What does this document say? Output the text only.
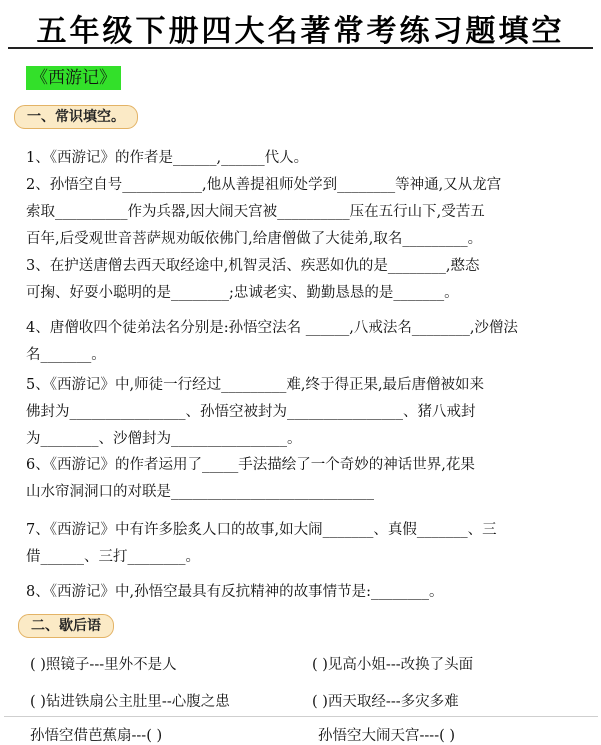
五年级下册四大名著常考练习题填空
《西游记》
一、常识填空。
1、《西游记》的作者是______,______代人。
2、孙悟空自号___________,他从善提祖师处学到________等神通,又从龙宫
索取__________作为兵器,因大闹天宫被__________压在五行山下,受苦五
百年,后受观世音菩萨规劝皈依佛门,给唐僧做了大徒弟,取名_________。
3、在护送唐僧去西天取经途中,机智灵活、疾恶如仇的是________,憨态
可掬、好耍小聪明的是________;忠诚老实、勤勤恳恳的是_______。
4、唐僧收四个徒弟法名分别是:孙悟空法名 ______,八戒法名________,沙僧法
名_______。
5、《西游记》中,师徒一行经过_________难,终于得正果,最后唐僧被如来
佛封为________________、孙悟空被封为________________、猪八戒封
为________、沙僧封为________________。
6、《西游记》的作者运用了_____手法描绘了一个奇妙的神话世界,花果
山水帘洞洞口的对联是____________________________
7、《西游记》中有许多脍炙人口的故事,如大闹_______、真假_______、三
借______、三打________。
8、《西游记》中,孙悟空最具有反抗精神的故事情节是:________。
二、歇后语
( )照镜子---里外不是人	( )见高小姐---改换了头面
( )钻进铁扇公主肚里--心腹之患	( )西天取经---多灾多难
孙悟空借芭蕉扇---( )	孙悟空大闹天宫----( )
